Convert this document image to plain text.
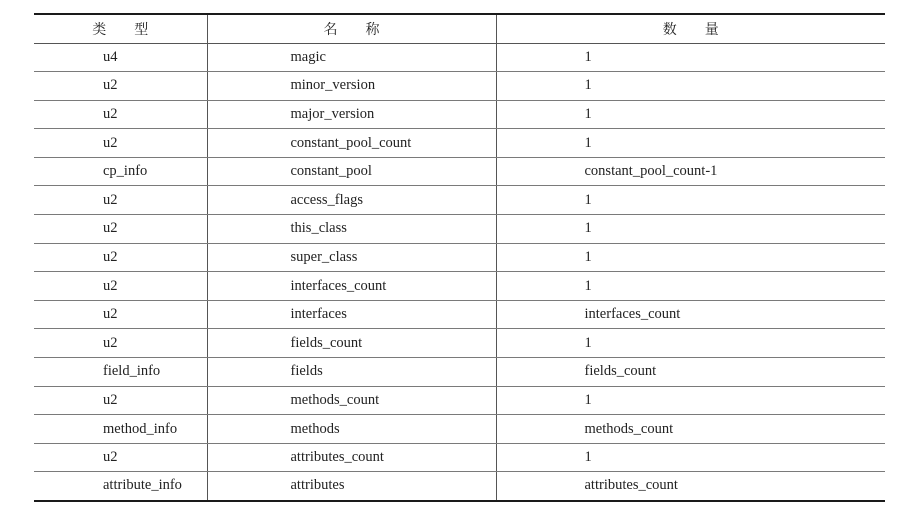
类　　型	名　　称	数　　量
u4	magic	1
u2	minor_version	1
u2	major_version	1
u2	constant_pool_count	1
cp_info	constant_pool	constant_pool_count-1
u2	access_flags	1
u2	this_class	1
u2	super_class	1
u2	interfaces_count	1
u2	interfaces	interfaces_count
u2	fields_count	1
field_info	fields	fields_count
u2	methods_count	1
method_info	methods	methods_count
u2	attributes_count	1
attribute_info	attributes	attributes_count
